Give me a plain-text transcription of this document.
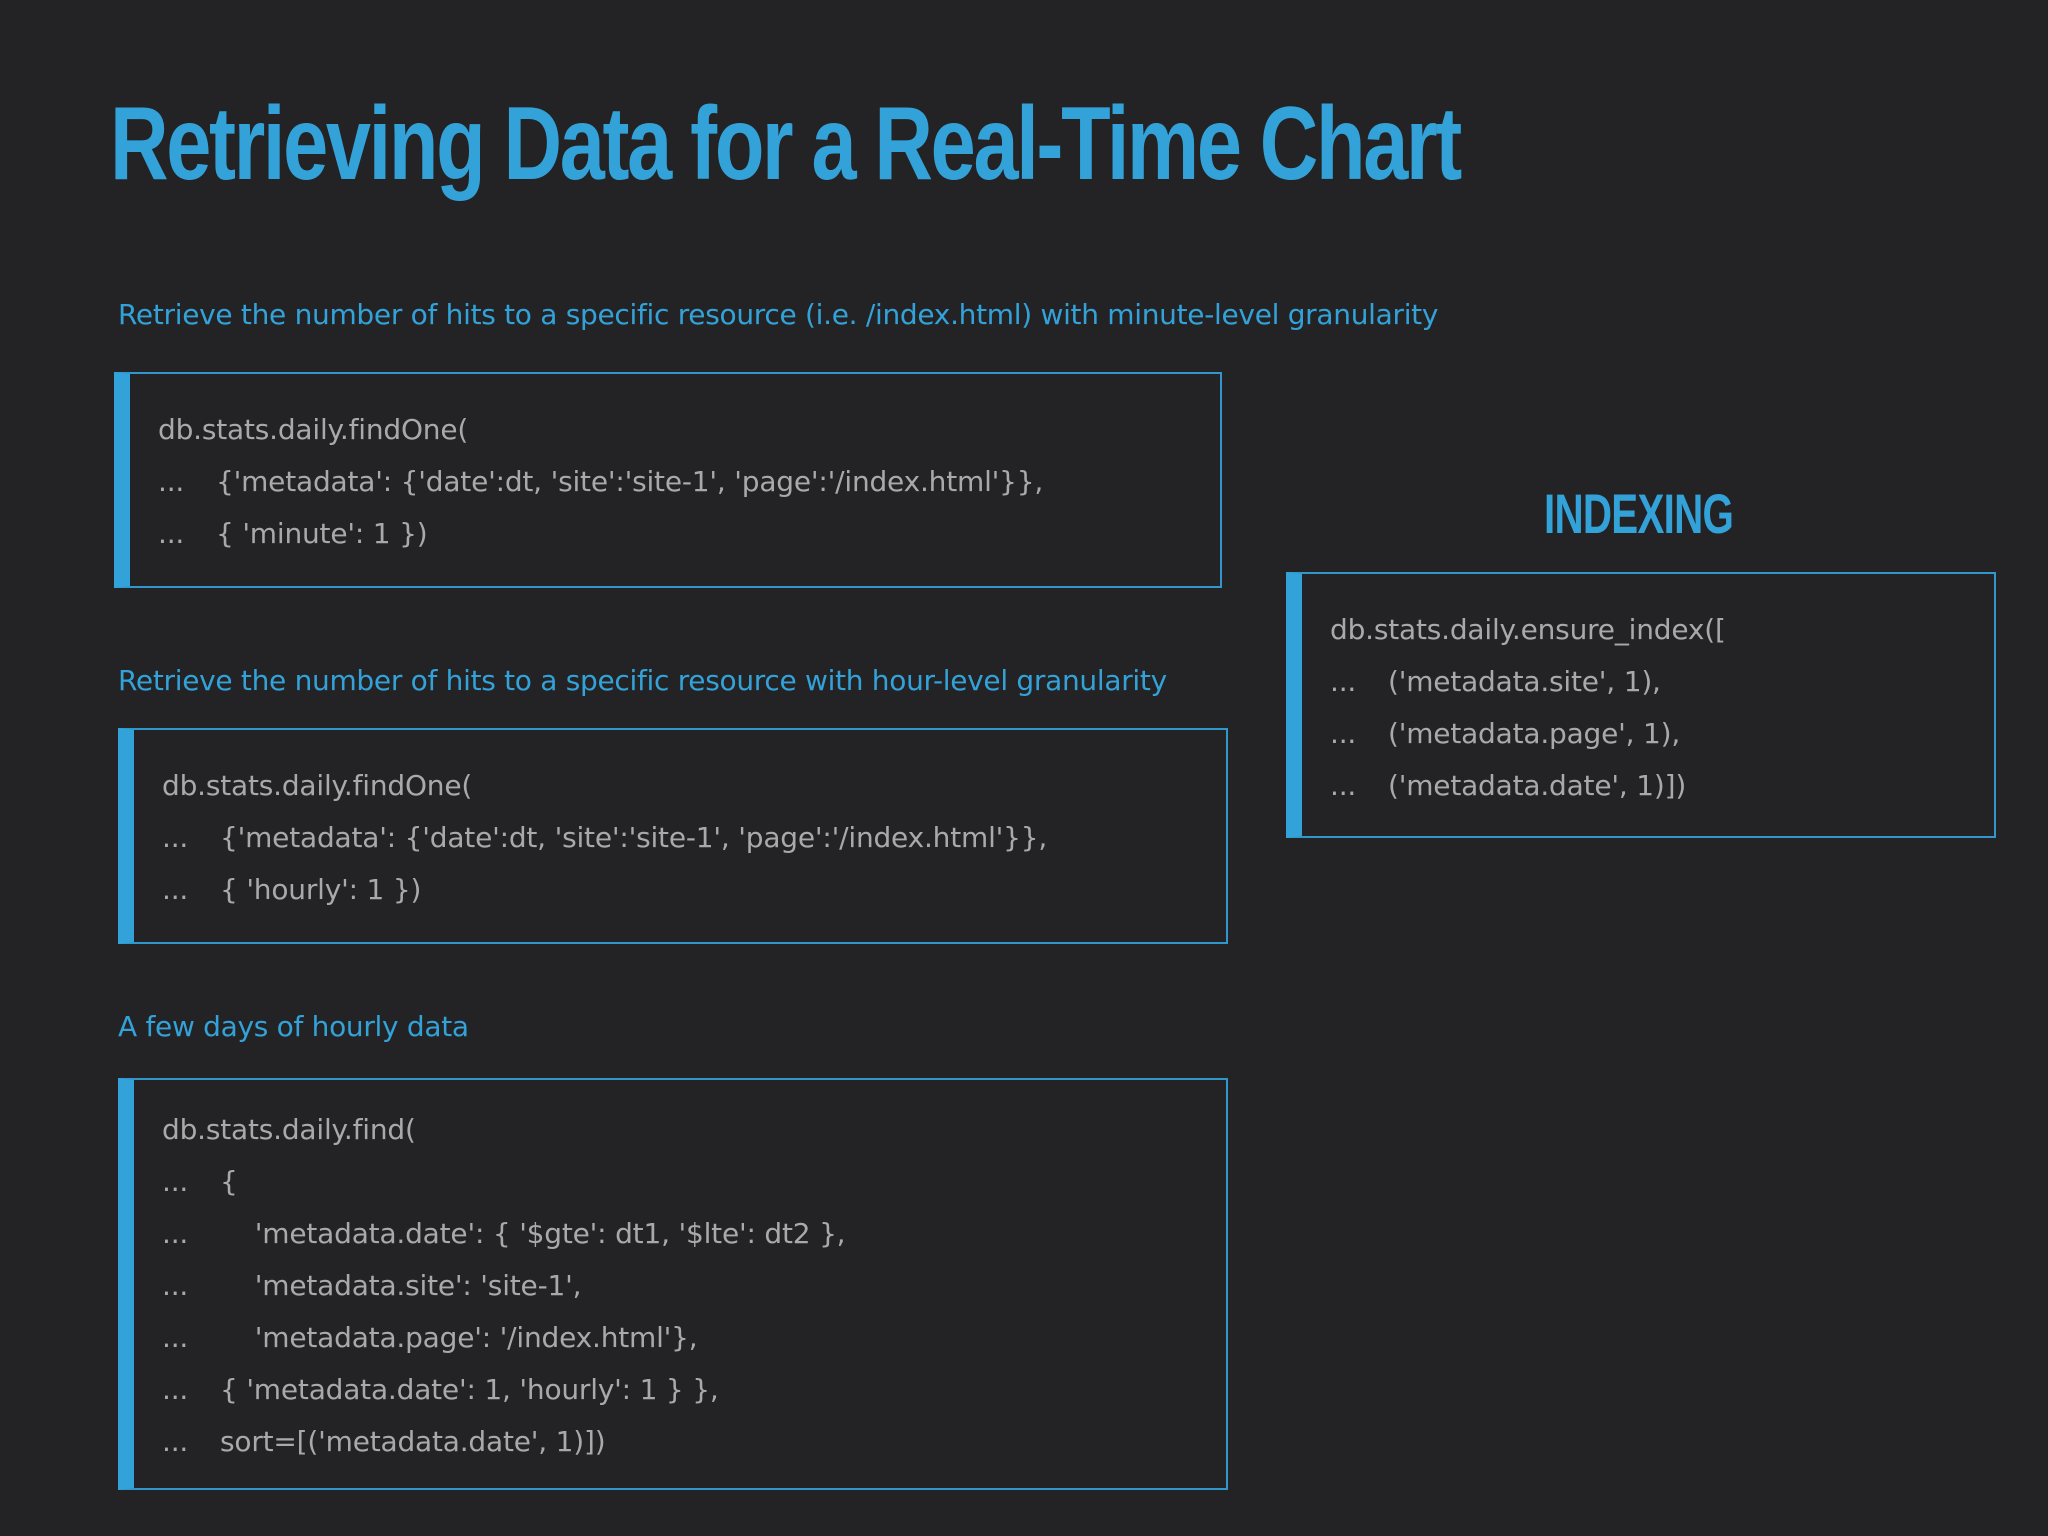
Retrieving Data for a Real-Time Chart

Retrieve the number of hits to a specific resource (i.e. /index.html) with minute-level granularity

db.stats.daily.findOne(
... {'metadata': {'date':dt, 'site':'site-1', 'page':'/index.html'}},
... { 'minute': 1 })

Retrieve the number of hits to a specific resource with hour-level granularity

db.stats.daily.findOne(
... {'metadata': {'date':dt, 'site':'site-1', 'page':'/index.html'}},
... { 'hourly': 1 })

A few days of hourly data

db.stats.daily.find(
... {
...    'metadata.date': { '$gte': dt1, '$lte': dt2 },
...    'metadata.site': 'site-1',
...    'metadata.page': '/index.html'},
... { 'metadata.date': 1, 'hourly': 1 } },
... sort=[('metadata.date', 1)])
INDEXING
db.stats.daily.ensure_index([
... ('metadata.site', 1),
... ('metadata.page', 1),
... ('metadata.date', 1)])
